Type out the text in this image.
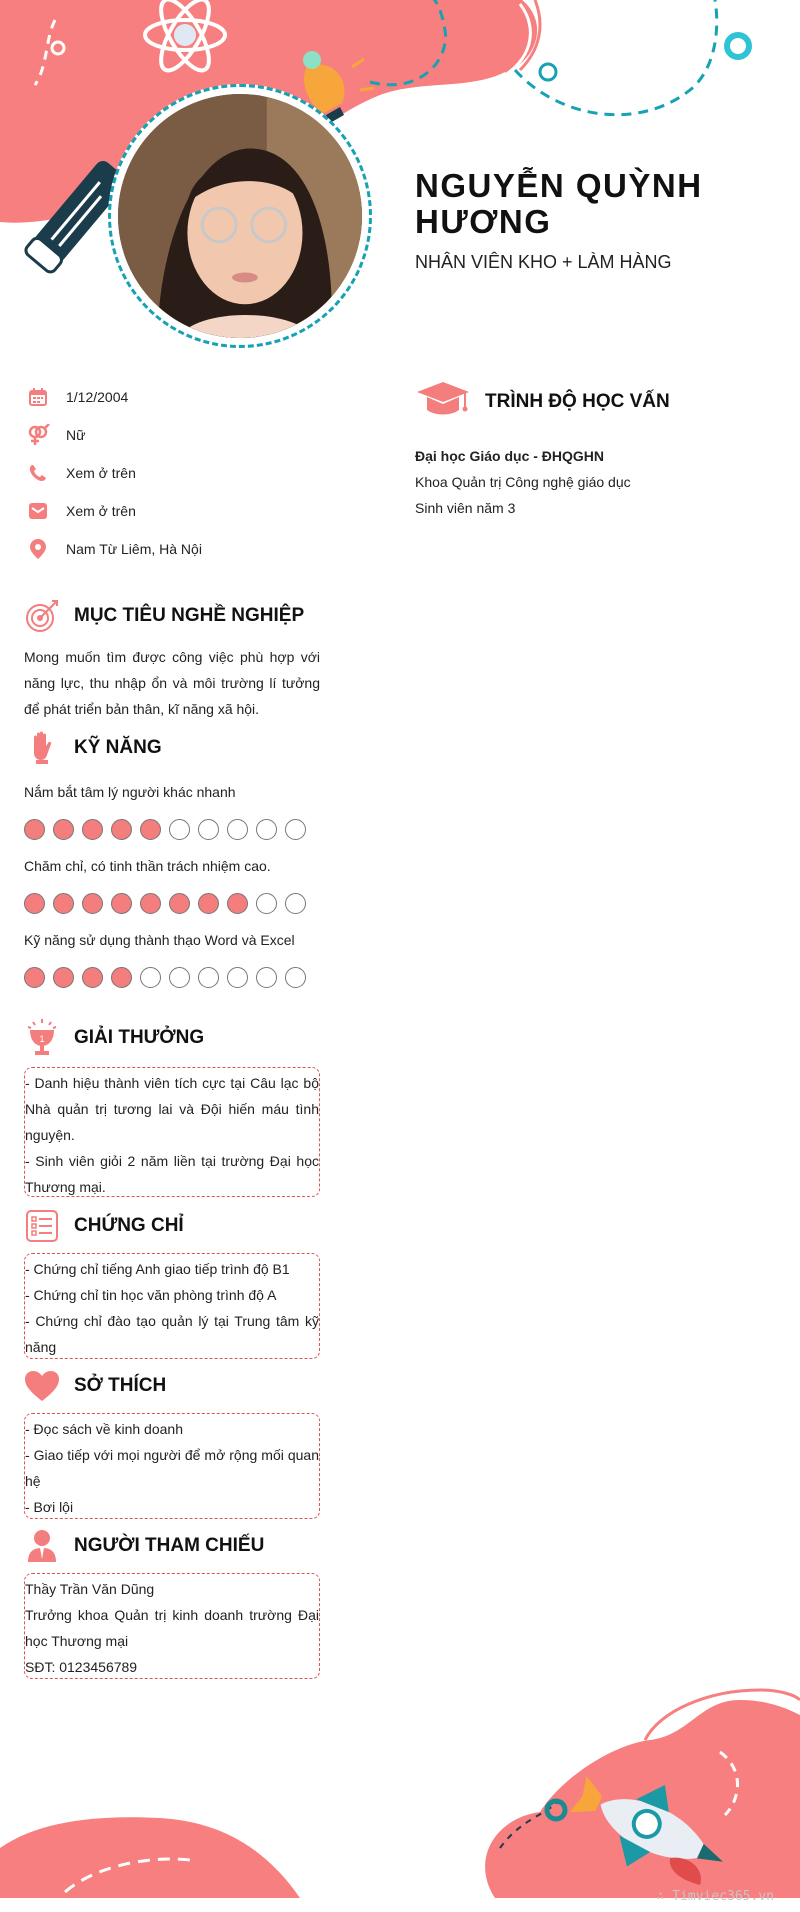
NGUYỄN QUỲNH HƯƠNG
NHÂN VIÊN KHO + LÀM HÀNG
1/12/2004
Nữ
Xem ở trên
Xem ở trên
Nam Từ Liêm, Hà Nội
TRÌNH ĐỘ HỌC VẤN
Đại học Giáo dục - ĐHQGHN
Khoa Quản trị Công nghệ giáo dục
Sinh viên năm 3
MỤC TIÊU NGHỀ NGHIỆP
Mong muốn tìm được công việc phù hợp với năng lực, thu nhập ổn và môi trường lí tưởng để phát triển bản thân, kĩ năng xã hội.
KỸ NĂNG
Nắm bắt tâm lý người khác nhanh
Chăm chỉ, có tinh thần trách nhiệm cao.
Kỹ năng sử dụng thành thạo Word và Excel
1 GIẢI THƯỞNG
- Danh hiệu thành viên tích cực tại Câu lạc bộ Nhà quản trị tương lai và Đội hiến máu tình nguyện.
- Sinh viên giỏi 2 năm liền tại trường Đại học Thương mại.
CHỨNG CHỈ
- Chứng chỉ tiếng Anh giao tiếp trình độ B1
- Chứng chỉ tin học văn phòng trình độ A
- Chứng chỉ đào tạo quản lý tại Trung tâm kỹ năng
SỞ THÍCH
- Đọc sách về kinh doanh
- Giao tiếp với mọi người để mở rộng mối quan hệ
- Bơi lội
NGƯỜI THAM CHIẾU
Thầy Trần Văn Dũng
Trưởng khoa Quản trị kinh doanh trường Đại học Thương mại
SĐT: 0123456789
∴ Timviec365.vn
